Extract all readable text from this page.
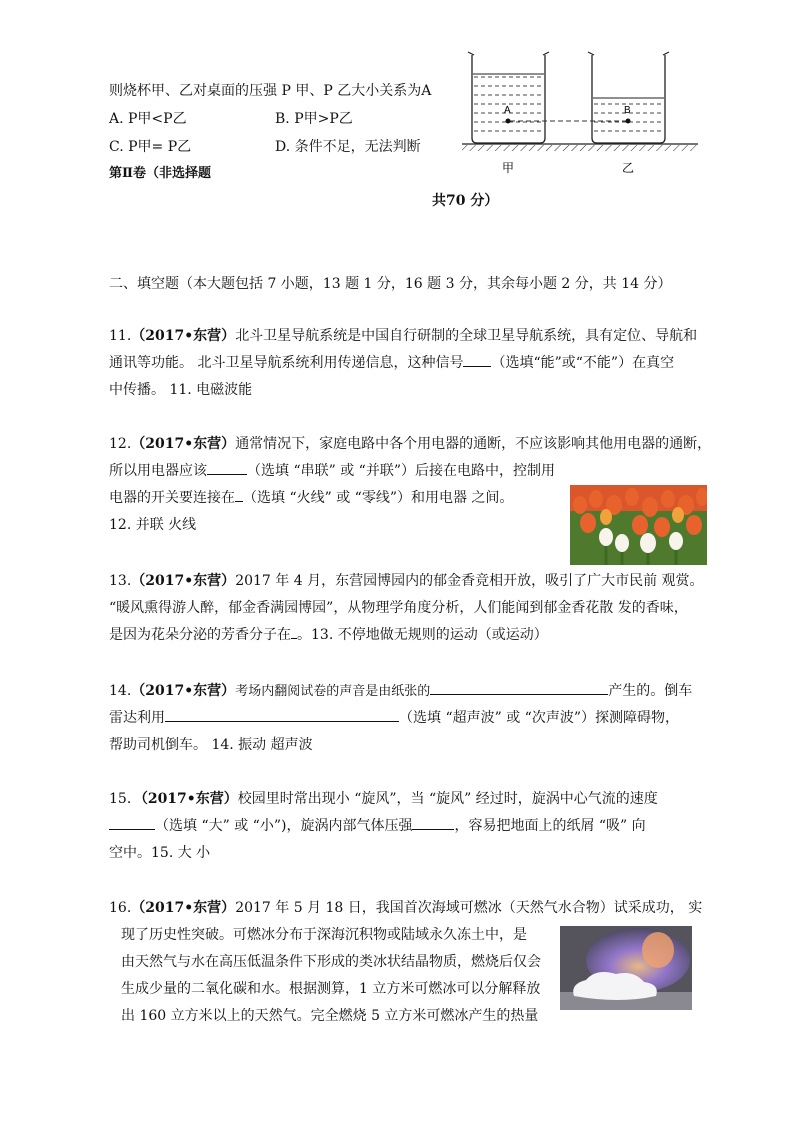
则烧杯甲、乙对桌面的压强 P 甲、P 乙大小关系为A
A. P甲<P乙	B. P甲>P乙
C. P甲= P乙	D. 条件不足，无法判断
A	B
甲	乙
第Ⅱ卷（非选择题
共70 分）
二、填空题（本大题包括 7 小题，13 题 1 分，16 题 3 分，其余每小题 2 分，共 14 分）
11.（2017•东营）北斗卫星导航系统是中国自行研制的全球卫星导航系统，具有定位、导航和
通讯等功能。 北斗卫星导航系统利用传递信息，这种信号 （选填“能”或“不能”）在真空
中传播。 11. 电磁波能
12.（2017•东营）通常情况下，家庭电路中各个用电器的通断，不应该影响其他用电器的通断，
所以用电器应该	（选填 “串联” 或 “并联”）后接在电路中，控制用
电器的开关要连接在 （选填 “火线” 或 “零线”）和用电器 之间。
12. 并联 火线
13.（2017•东营）2017 年 4 月，东营园博园内的郁金香竞相开放，吸引了广大市民前 观赏。
“暖风熏得游人醉，郁金香满园博园”，从物理学角度分析，人们能闻到郁金香花散 发的香味，
是因为花朵分泌的芳香分子在 。13. 不停地做无规则的运动（或运动）
14.（2017•东营）考场内翻阅试卷的声音是由纸张的	产生的。倒车
雷达利用	（选填 “超声波” 或 “次声波”）探测障碍物，
帮助司机倒车。 14. 振动 超声波
15．（2017•东营）校园里时常出现小 “旋风”，当 “旋风” 经过时，旋涡中心气流的速度
（选填 “大” 或 “小”)，旋涡内部气体压强	，容易把地面上的纸屑 “吸” 向
空中。15. 大 小
16.（2017•东营）2017 年 5 月 18 日，我国首次海域可燃冰（天然气水合物）试采成功， 实
现了历史性突破。可燃冰分布于深海沉积物或陆域永久冻土中，是
由天然气与水在高压低温条件下形成的类冰状结晶物质，燃烧后仅会
生成少量的二氧化碳和水。根据测算，1 立方米可燃冰可以分解释放
出 160 立方米以上的天然气。完全燃烧 5 立方米可燃冰产生的热量
